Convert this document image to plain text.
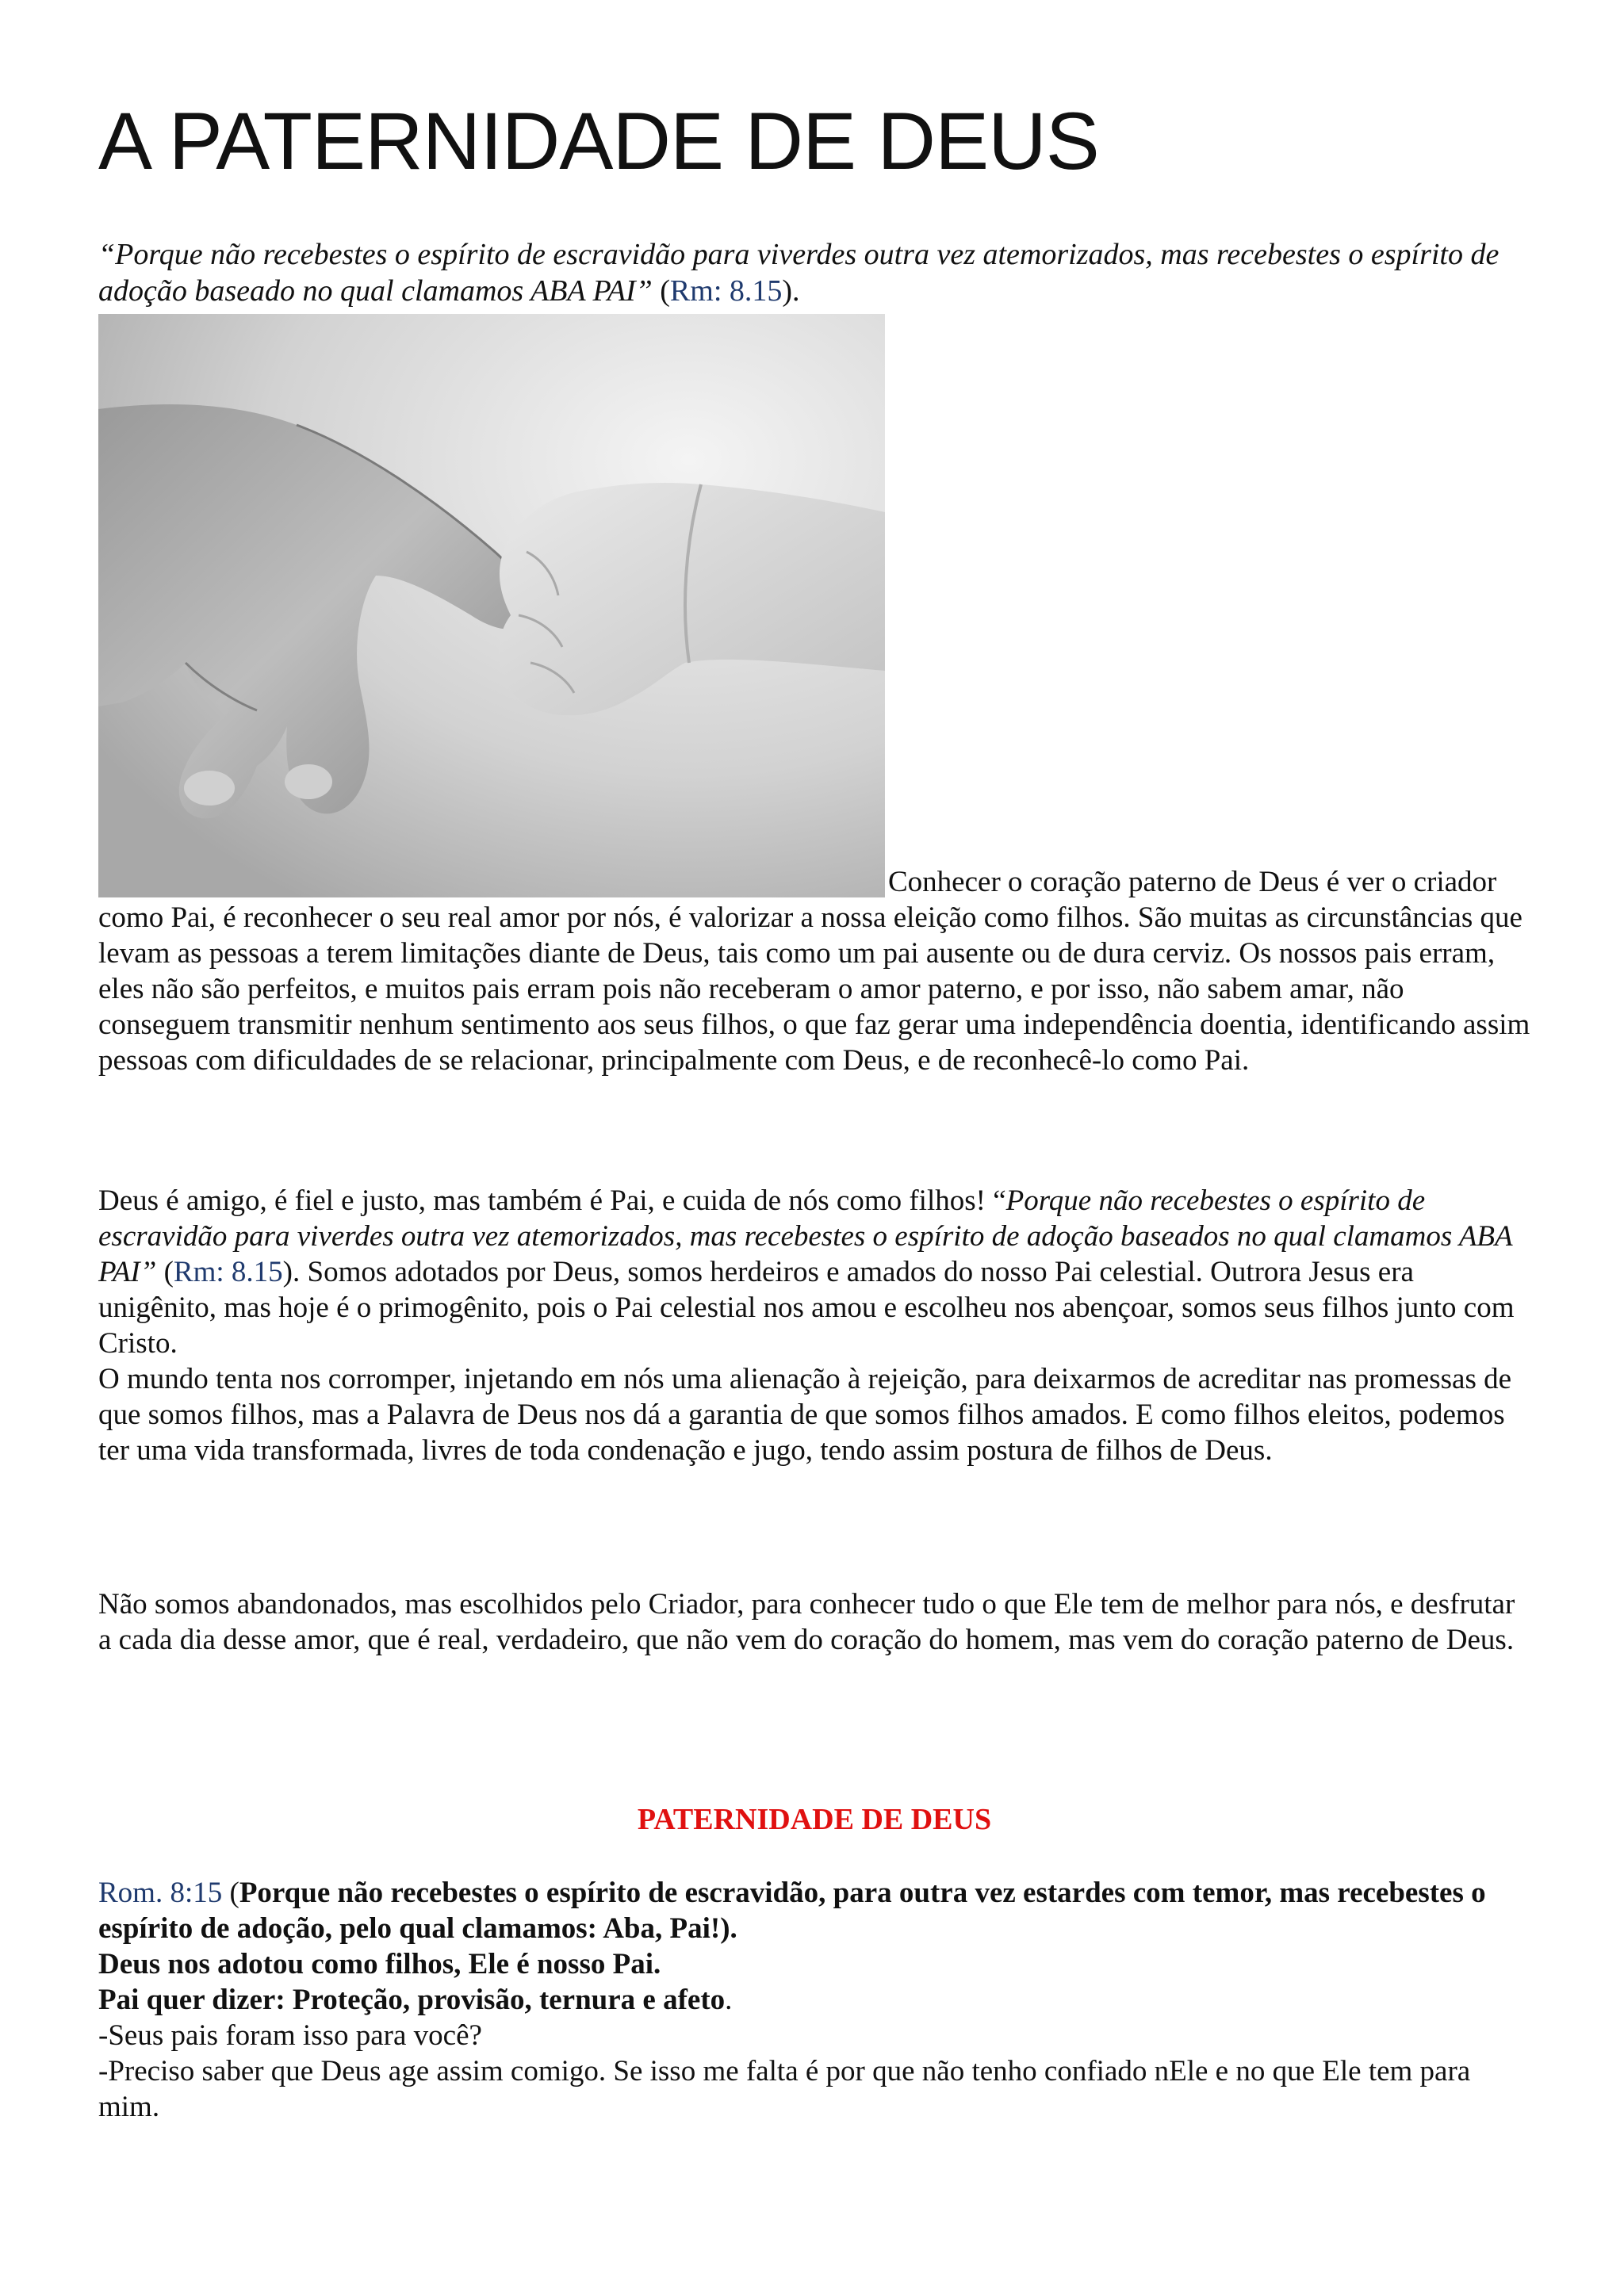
A PATERNIDADE DE DEUS

“Porque não recebestes o espírito de escravidão para viverdes outra vez atemorizados, mas recebestes o espírito de adoção baseado no qual clamamos ABA PAI” (Rm: 8.15).

Conhecer o coração paterno de Deus é ver o criador como Pai, é reconhecer o seu real amor por nós, é valorizar a nossa eleição como filhos. São muitas as circunstâncias que levam as pessoas a terem limitações diante de Deus, tais como um pai ausente ou de dura cerviz. Os nossos pais erram, eles não são perfeitos, e muitos pais erram pois não receberam o amor paterno, e por isso, não sabem amar, não conseguem transmitir nenhum sentimento aos seus filhos, o que faz gerar uma independência doentia, identificando assim pessoas com dificuldades de se relacionar, principalmente com Deus, e de reconhecê-lo como Pai.

Deus é amigo, é fiel e justo, mas também é Pai, e cuida de nós como filhos! “Porque não recebestes o espírito de escravidão para viverdes outra vez atemorizados, mas recebestes o espírito de adoção baseados no qual clamamos ABA PAI” (Rm: 8.15). Somos adotados por Deus, somos herdeiros e amados do nosso Pai celestial. Outrora Jesus era unigênito, mas hoje é o primogênito, pois o Pai celestial nos amou e escolheu nos abençoar, somos seus filhos junto com Cristo.
O mundo tenta nos corromper, injetando em nós uma alienação à rejeição, para deixarmos de acreditar nas promessas de que somos filhos, mas a Palavra de Deus nos dá a garantia de que somos filhos amados. E como filhos eleitos, podemos ter uma vida transformada, livres de toda condenação e jugo, tendo assim postura de filhos de Deus.

Não somos abandonados, mas escolhidos pelo Criador, para conhecer tudo o que Ele tem de melhor para nós, e desfrutar a cada dia desse amor, que é real, verdadeiro, que não vem do coração do homem, mas vem do coração paterno de Deus.

PATERNIDADE DE DEUS

Rom. 8:15 (Porque não recebestes o espírito de escravidão, para outra vez estardes com temor, mas recebestes o espírito de adoção, pelo qual clamamos: Aba, Pai!).

Deus nos adotou como filhos, Ele é nosso Pai.

Pai quer dizer: Proteção, provisão, ternura e afeto.

-Seus pais foram isso para você?

-Preciso saber que Deus age assim comigo. Se isso me falta é por que não tenho confiado nEle e no que Ele tem para mim.
